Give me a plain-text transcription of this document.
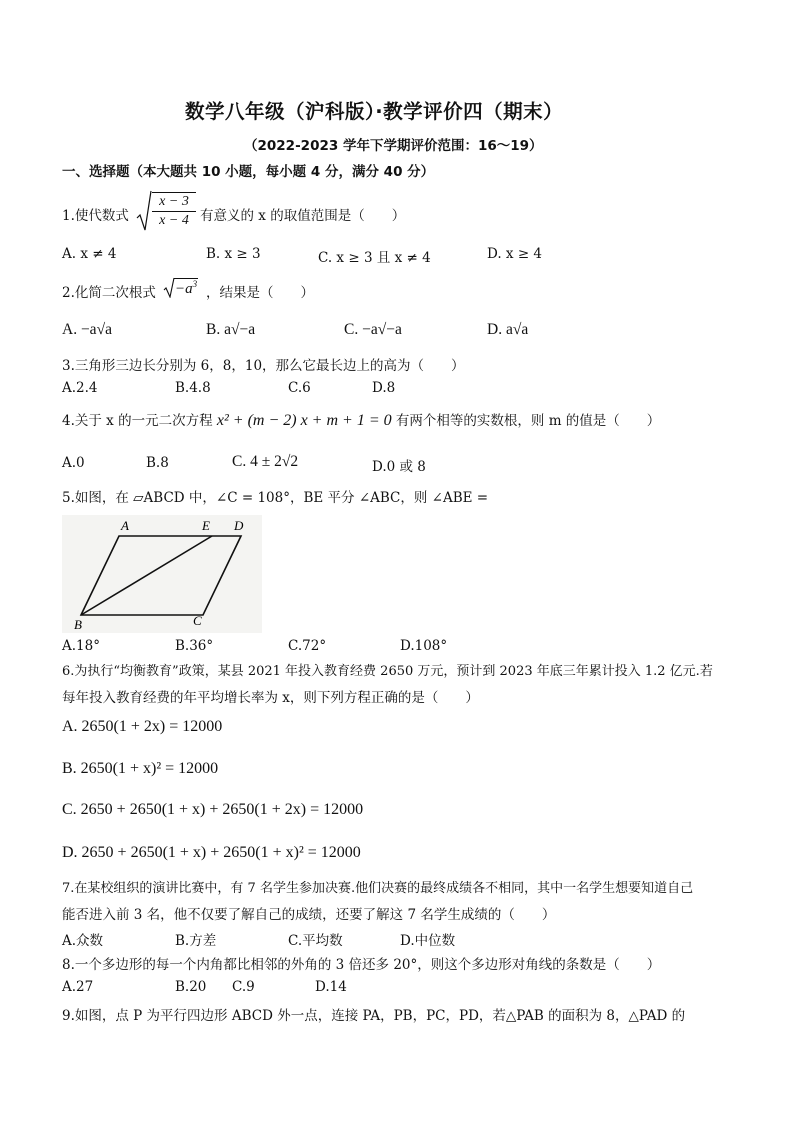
数学八年级（沪科版）·教学评价四（期末）
（2022-2023 学年下学期评价范围：16～19）
一、选择题（本大题共 10 小题，每小题 4 分，满分 40 分）
1.使代数式 $\frac{x - 3}{x - 4}$ 有意义的 x 的取值范围是（　　）
A. x ≠ 4	B. x ≥ 3	C. x ≥ 3 且 x ≠ 4	D. x ≥ 4
2.化简二次根式 $-a^3$
，结果是（　　）
A. −a√a	B. a√−a	C. −a√−a	D. a√a
3.三角形三边长分别为 6，8，10，那么它最长边上的高为（　　）
A.2.4	B.4.8	C.6	D.8
4.关于 x 的一元二次方程 x² + (m − 2) x + m + 1 = 0 有两个相等的实数根，则 m 的值是（　　）
A.0	B.8	C. 4 ± 2√2	D.0 或 8
5.如图，在 ▱ABCD 中，∠C = 108°，BE 平分 ∠ABC，则 ∠ABE =
A	E D
B	C
A.18°	B.36°	C.72°	D.108°
6.为执行“均衡教育”政策，某县 2021 年投入教育经费 2650 万元，预计到 2023 年底三年累计投入 1.2 亿元.若
每年投入教育经费的年平均增长率为 x，则下列方程正确的是（　　）
A. 2650(1 + 2x) = 12000
B. 2650(1 + x)² = 12000
C. 2650 + 2650(1 + x) + 2650(1 + 2x) = 12000
D. 2650 + 2650(1 + x) + 2650(1 + x)² = 12000
7.在某校组织的演讲比赛中，有 7 名学生参加决赛.他们决赛的最终成绩各不相同，其中一名学生想要知道自己
能否进入前 3 名，他不仅要了解自己的成绩，还要了解这 7 名学生成绩的（　　）
A.众数	B.方差	C.平均数	D.中位数
8.一个多边形的每一个内角都比相邻的外角的 3 倍还多 20°，则这个多边形对角线的条数是（　　）
A.27	B.20 C.9	D.14
9.如图，点 P 为平行四边形 ABCD 外一点，连接 PA，PB，PC，PD，若△PAB 的面积为 8，△PAD 的
